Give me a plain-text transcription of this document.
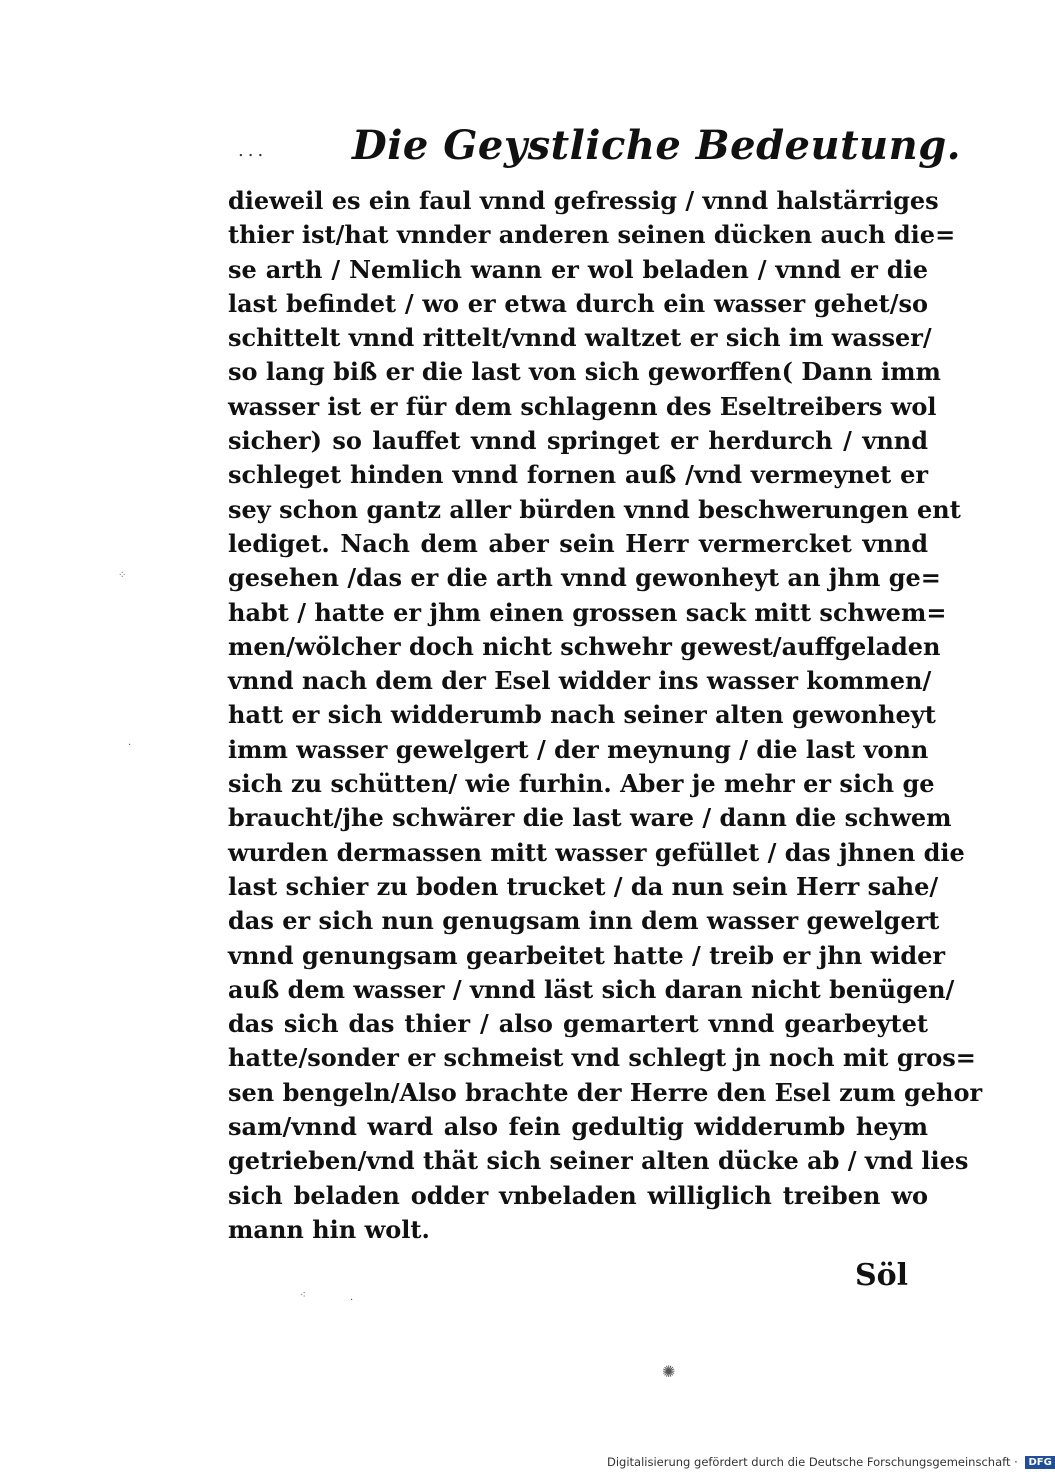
... Die Geystliche Bedeutung.
dieweil es ein faul vnnd gefressig / vnnd halstärriges
thier ist/hat vnnder anderen seinen dücken auch die=
se arth / Nemlich wann er wol beladen / vnnd er die
last befindet / wo er etwa durch ein wasser gehet/so
schittelt vnnd rittelt/vnnd waltzet er sich im wasser/
so lang biß er die last von sich geworffen( Dann imm
wasser ist er für dem schlagenn des Eseltreibers wol
sicher) so lauffet vnnd springet er herdurch / vnnd
schleget hinden vnnd fornen auß /vnd vermeynet er
sey schon gantz aller bürden vnnd beschwerungen ent
lediget. Nach dem aber sein Herr vermercket vnnd
gesehen /das er die arth vnnd gewonheyt an jhm ge=
habt / hatte er jhm einen grossen sack mitt schwem=
men/wölcher doch nicht schwehr gewest/auffgeladen
vnnd nach dem der Esel widder ins wasser kommen/
hatt er sich widderumb nach seiner alten gewonheyt
imm wasser gewelgert / der meynung / die last vonn
sich zu schütten/ wie furhin. Aber je mehr er sich ge
braucht/jhe schwärer die last ware / dann die schwem
wurden dermassen mitt wasser gefüllet / das jhnen die
last schier zu boden trucket / da nun sein Herr sahe/
das er sich nun genugsam inn dem wasser gewelgert
vnnd genungsam gearbeitet hatte / treib er jhn wider
auß dem wasser / vnnd läst sich daran nicht benügen/
das sich das thier / also gemartert vnnd gearbeytet
hatte/sonder er schmeist vnd schlegt jn noch mit gros=
sen bengeln/Also brachte der Herre den Esel zum gehor
sam/vnnd ward also fein gedultig widderumb heym
getrieben/vnd thät sich seiner alten dücke ab / vnd lies
sich beladen odder vnbeladen williglich treiben wo
mann hin wolt.
Söl
⁘
·
⁖	·
✺
Digitalisierung gefördert durch die Deutsche Forschungsgemeinschaft · DFG
